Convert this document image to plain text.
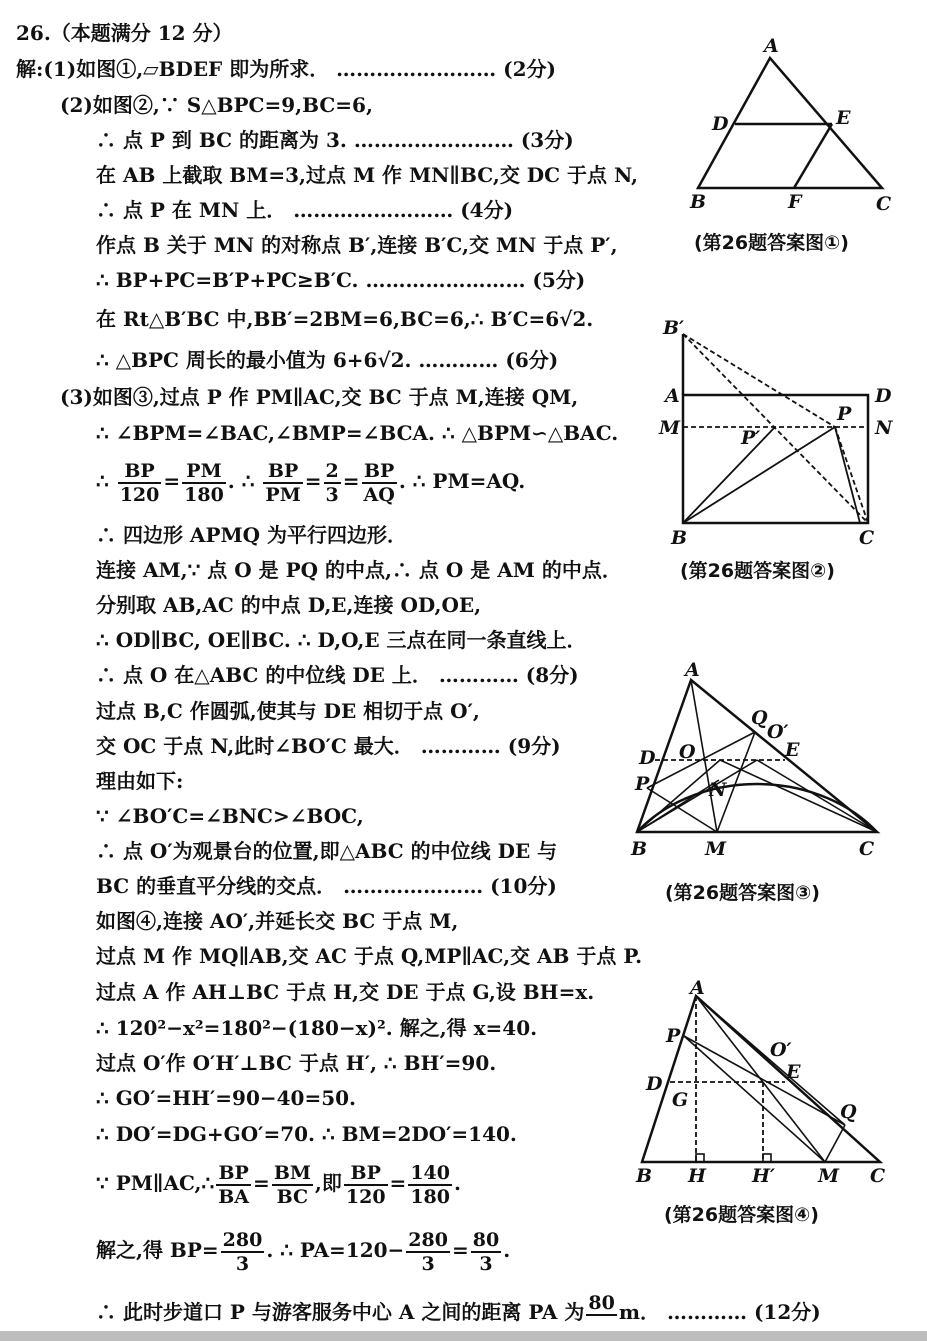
26.（本题满分 12 分）
解:(1)如图①,▱BDEF 即为所求． …………………… (2分)
(2)如图②,∵ S△BPC=9,BC=6,
∴ 点 P 到 BC 的距离为 3. …………………… (3分)
在 AB 上截取 BM=3,过点 M 作 MN∥BC,交 DC 于点 N,
∴ 点 P 在 MN 上． …………………… (4分)
作点 B 关于 MN 的对称点 B′,连接 B′C,交 MN 于点 P′,
∴ BP+PC=B′P+PC≥B′C. …………………… (5分)
在 Rt△B′BC 中,BB′=2BM=6,BC=6,∴ B′C=6√2.
∴ △BPC 周长的最小值为 6+6√2. ………… (6分)
(3)如图③,过点 P 作 PM∥AC,交 BC 于点 M,连接 QM,
∴ ∠BPM=∠BAC,∠BMP=∠BCA. ∴ △BPM∽△BAC.
∴ $\frac{BP}{120} = \frac{PM}{180}$ . ∴ $\frac{BP}{PM} = \frac{2}{3} = \frac{BP}{AQ}$ . ∴ PM=AQ.
∴ 四边形 APMQ 为平行四边形．
连接 AM,∵ 点 O 是 PQ 的中点,∴ 点 O 是 AM 的中点．
分别取 AB,AC 的中点 D,E,连接 OD,OE,
∴ OD∥BC, OE∥BC. ∴ D,O,E 三点在同一条直线上．
∴ 点 O 在△ABC 的中位线 DE 上． ………… (8分)
过点 B,C 作圆弧,使其与 DE 相切于点 O′,
交 OC 于点 N,此时∠BO′C 最大． ………… (9分)
理由如下:
∵ ∠BO′C=∠BNC>∠BOC,
∴ 点 O′为观景台的位置,即△ABC 的中位线 DE 与
BC 的垂直平分线的交点． ………………… (10分)
如图④,连接 AO′,并延长交 BC 于点 M,
过点 M 作 MQ∥AB,交 AC 于点 Q,MP∥AC,交 AB 于点 P.
过点 A 作 AH⊥BC 于点 H,交 DE 于点 G,设 BH=x.
∴ 120²−x²=180²−(180−x)². 解之,得 x=40.
过点 O′作 O′H′⊥BC 于点 H′, ∴ BH′=90.
∴ GO′=HH′=90−40=50.
∴ DO′=DG+GO′=70. ∴ BM=2DO′=140.
∵ PM∥AC,∴ $\frac{BP}{BA} = \frac{BM}{BC}$ ,即 $\frac{BP}{120} = \frac{140}{180}$ .
解之,得 $BP= \frac{280}{3}$ . ∴ $PA=120- \frac{280}{3} = \frac{80}{3}$ .
∴ 此时步道口 P 与游客服务中心 A 之间的距离 PA 为 80 m． ………… (12分)
A
D	E
B	F	C
(第26题答案图①)
B′
A	D
M	N
P
P′
B	C
(第26题答案图②)
A
Q
O′
E
D O
P	N
B	M	C
(第26题答案图③)
A
P
O′
D
E
G
Q
B H H′ M C
(第26题答案图④)
